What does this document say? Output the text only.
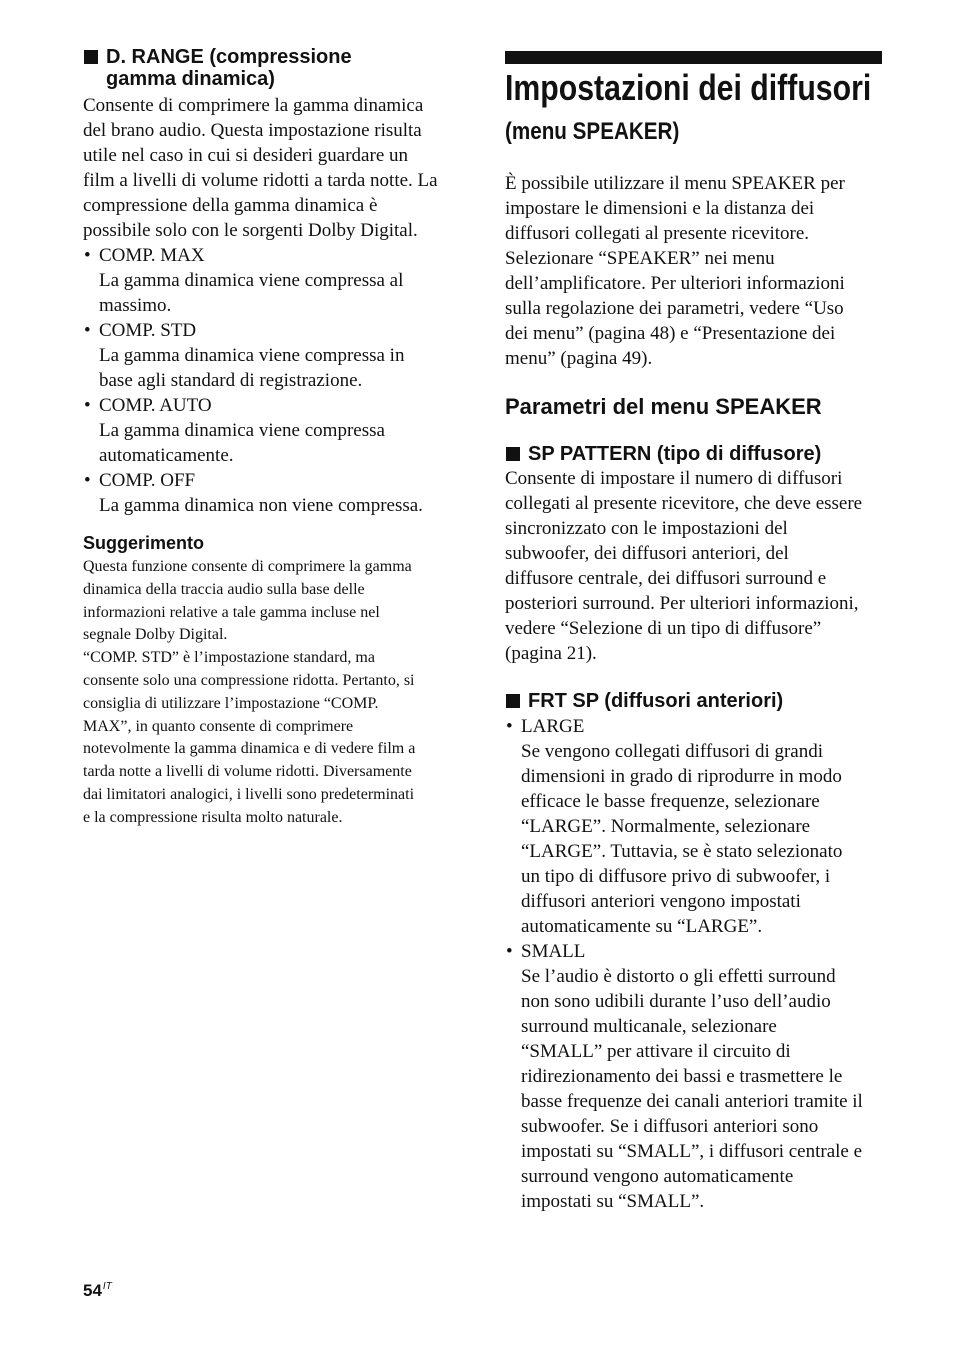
D. RANGE (compressione
gamma dinamica)

Consente di comprimere la gamma dinamica
del brano audio. Questa impostazione risulta
utile nel caso in cui si desideri guardare un
film a livelli di volume ridotti a tarda notte. La
compressione della gamma dinamica è
possibile solo con le sorgenti Dolby Digital.

• COMP. MAX
La gamma dinamica viene compressa al
massimo.
• COMP. STD
La gamma dinamica viene compressa in
base agli standard di registrazione.
• COMP. AUTO
La gamma dinamica viene compressa
automaticamente.
• COMP. OFF
La gamma dinamica non viene compressa.
Suggerimento

Questa funzione consente di comprimere la gamma
dinamica della traccia audio sulla base delle
informazioni relative a tale gamma incluse nel
segnale Dolby Digital.
“COMP. STD” è l’impostazione standard, ma
consente solo una compressione ridotta. Pertanto, si
consiglia di utilizzare l’impostazione “COMP.
MAX”, in quanto consente di comprimere
notevolmente la gamma dinamica e di vedere film a
tarda notte a livelli di volume ridotti. Diversamente
dai limitatori analogici, i livelli sono predeterminati
e la compressione risulta molto naturale.

Impostazioni dei diffusori
(menu SPEAKER)

È possibile utilizzare il menu SPEAKER per
impostare le dimensioni e la distanza dei
diffusori collegati al presente ricevitore.
Selezionare “SPEAKER” nei menu
dell’amplificatore. Per ulteriori informazioni
sulla regolazione dei parametri, vedere “Uso
dei menu” (pagina 48) e “Presentazione dei
menu” (pagina 49).

Parametri del menu SPEAKER
SP PATTERN (tipo di diffusore)

Consente di impostare il numero di diffusori
collegati al presente ricevitore, che deve essere
sincronizzato con le impostazioni del
subwoofer, dei diffusori anteriori, del
diffusore centrale, dei diffusori surround e
posteriori surround. Per ulteriori informazioni,
vedere “Selezione di un tipo di diffusore”
(pagina 21).

FRT SP (diffusori anteriori)
• LARGE
Se vengono collegati diffusori di grandi
dimensioni in grado di riprodurre in modo
efficace le basse frequenze, selezionare
“LARGE”. Normalmente, selezionare
“LARGE”. Tuttavia, se è stato selezionato
un tipo di diffusore privo di subwoofer, i
diffusori anteriori vengono impostati
automaticamente su “LARGE”.
• SMALL
Se l’audio è distorto o gli effetti surround
non sono udibili durante l’uso dell’audio
surround multicanale, selezionare
“SMALL” per attivare il circuito di
ridirezionamento dei bassi e trasmettere le
basse frequenze dei canali anteriori tramite il
subwoofer. Se i diffusori anteriori sono
impostati su “SMALL”, i diffusori centrale e
surround vengono automaticamente
impostati su “SMALL”.
$54^{IT}$
